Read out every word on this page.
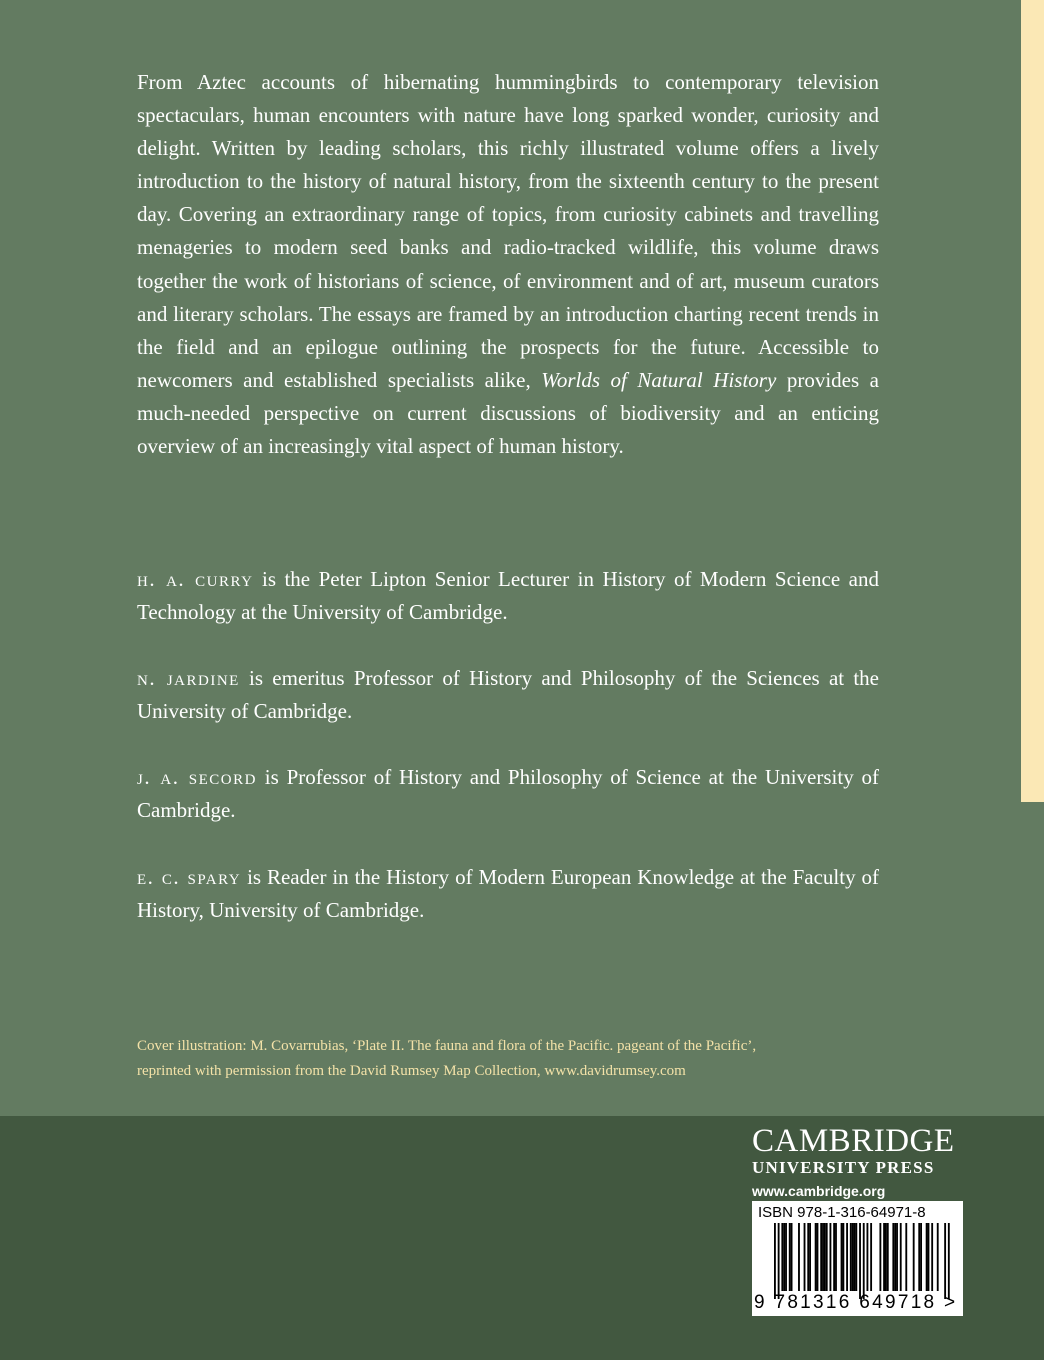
From Aztec accounts of hibernating hummingbirds to contemporary television spectaculars, human encounters with nature have long sparked wonder, curiosity and delight. Written by leading scholars, this richly illustrated volume offers a lively introduction to the history of natural history, from the sixteenth century to the present day. Covering an extraordinary range of topics, from curiosity cabinets and travelling menageries to modern seed banks and radio-tracked wildlife, this volume draws together the work of historians of science, of environment and of art, museum curators and literary scholars. The essays are framed by an introduction charting recent trends in the field and an epilogue outlining the prospects for the future. Accessible to newcomers and established specialists alike, Worlds of Natural History provides a much-needed perspective on current discussions of biodiversity and an enticing overview of an increasingly vital aspect of human history.

h. a. curry is the Peter Lipton Senior Lecturer in History of Modern Science and Technology at the University of Cambridge.

n. jardine is emeritus Professor of History and Philosophy of the Sciences at the University of Cambridge.

j. a. secord is Professor of History and Philosophy of Science at the University of Cambridge.

e. c. spary is Reader in the History of Modern European Knowledge at the Faculty of History, University of Cambridge.

Cover illustration: M. Covarrubias, ‘Plate II. The fauna and flora of the Pacific. pageant of the Pacific’,
reprinted with permission from the David Rumsey Map Collection, www.davidrumsey.com

CAMBRIDGE
UNIVERSITY PRESS
www.cambridge.org
ISBN 978-1-316-64971-8
9 781316 649718 >
